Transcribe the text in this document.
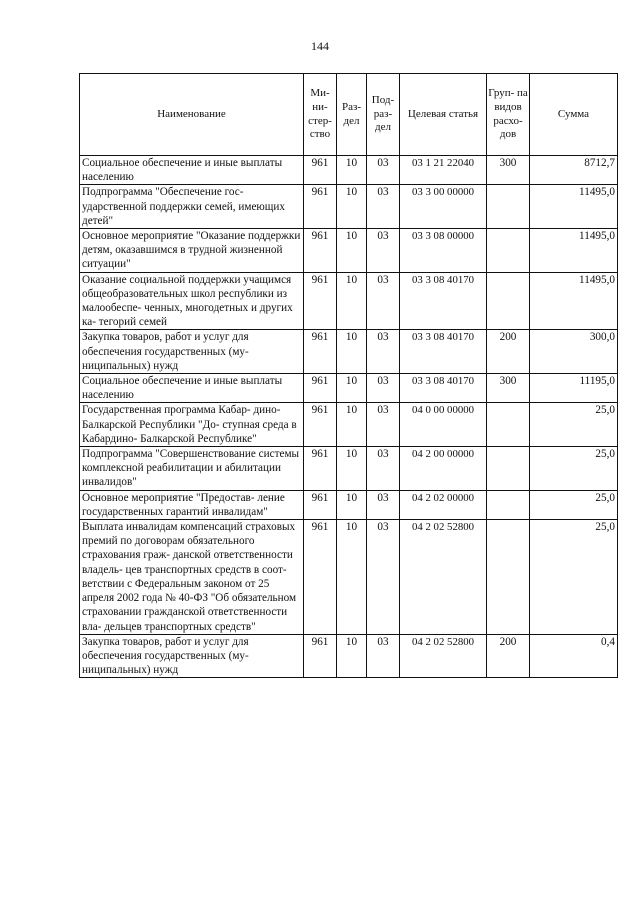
144
Наименование	Ми- ни- стер- ство	Раз- дел	Под- раз- дел	Целевая статья	Груп- па видов расхо- дов	Сумма
Социальное обеспечение и иные выплаты населению	961	10	03	03 1 21 22040	300	8712,7
Подпрограмма "Обеспечение гос- ударственной поддержки семей, имеющих детей"	961	10	03	03 3 00 00000		11495,0
Основное мероприятие "Оказание поддержки детям, оказавшимся в трудной жизненной ситуации"	961	10	03	03 3 08 00000		11495,0
Оказание социальной поддержки учащимся общеобразовательных школ республики из малообеспе- ченных, многодетных и других ка- тегорий семей	961	10	03	03 3 08 40170		11495,0
Закупка товаров, работ и услуг для обеспечения государственных (му- ниципальных) нужд	961	10	03	03 3 08 40170	200	300,0
Социальное обеспечение и иные выплаты населению	961	10	03	03 3 08 40170	300	11195,0
Государственная программа Кабар- дино-Балкарской Республики "До- ступная среда в Кабардино- Балкарской Республике"	961	10	03	04 0 00 00000		25,0
Подпрограмма "Совершенствование системы комплексной реабилитации и абилитации инвалидов"	961	10	03	04 2 00 00000		25,0
Основное мероприятие "Предостав- ление государственных гарантий инвалидам"	961	10	03	04 2 02 00000		25,0
Выплата инвалидам компенсаций страховых премий по договорам обязательного страхования граж- данской ответственности владель- цев транспортных средств в соот- ветствии с Федеральным законом от 25 апреля 2002 года № 40-ФЗ "Об обязательном страховании гражданской ответственности вла- дельцев транспортных средств"	961	10	03	04 2 02 52800		25,0
Закупка товаров, работ и услуг для обеспечения государственных (му- ниципальных) нужд	961	10	03	04 2 02 52800	200	0,4
